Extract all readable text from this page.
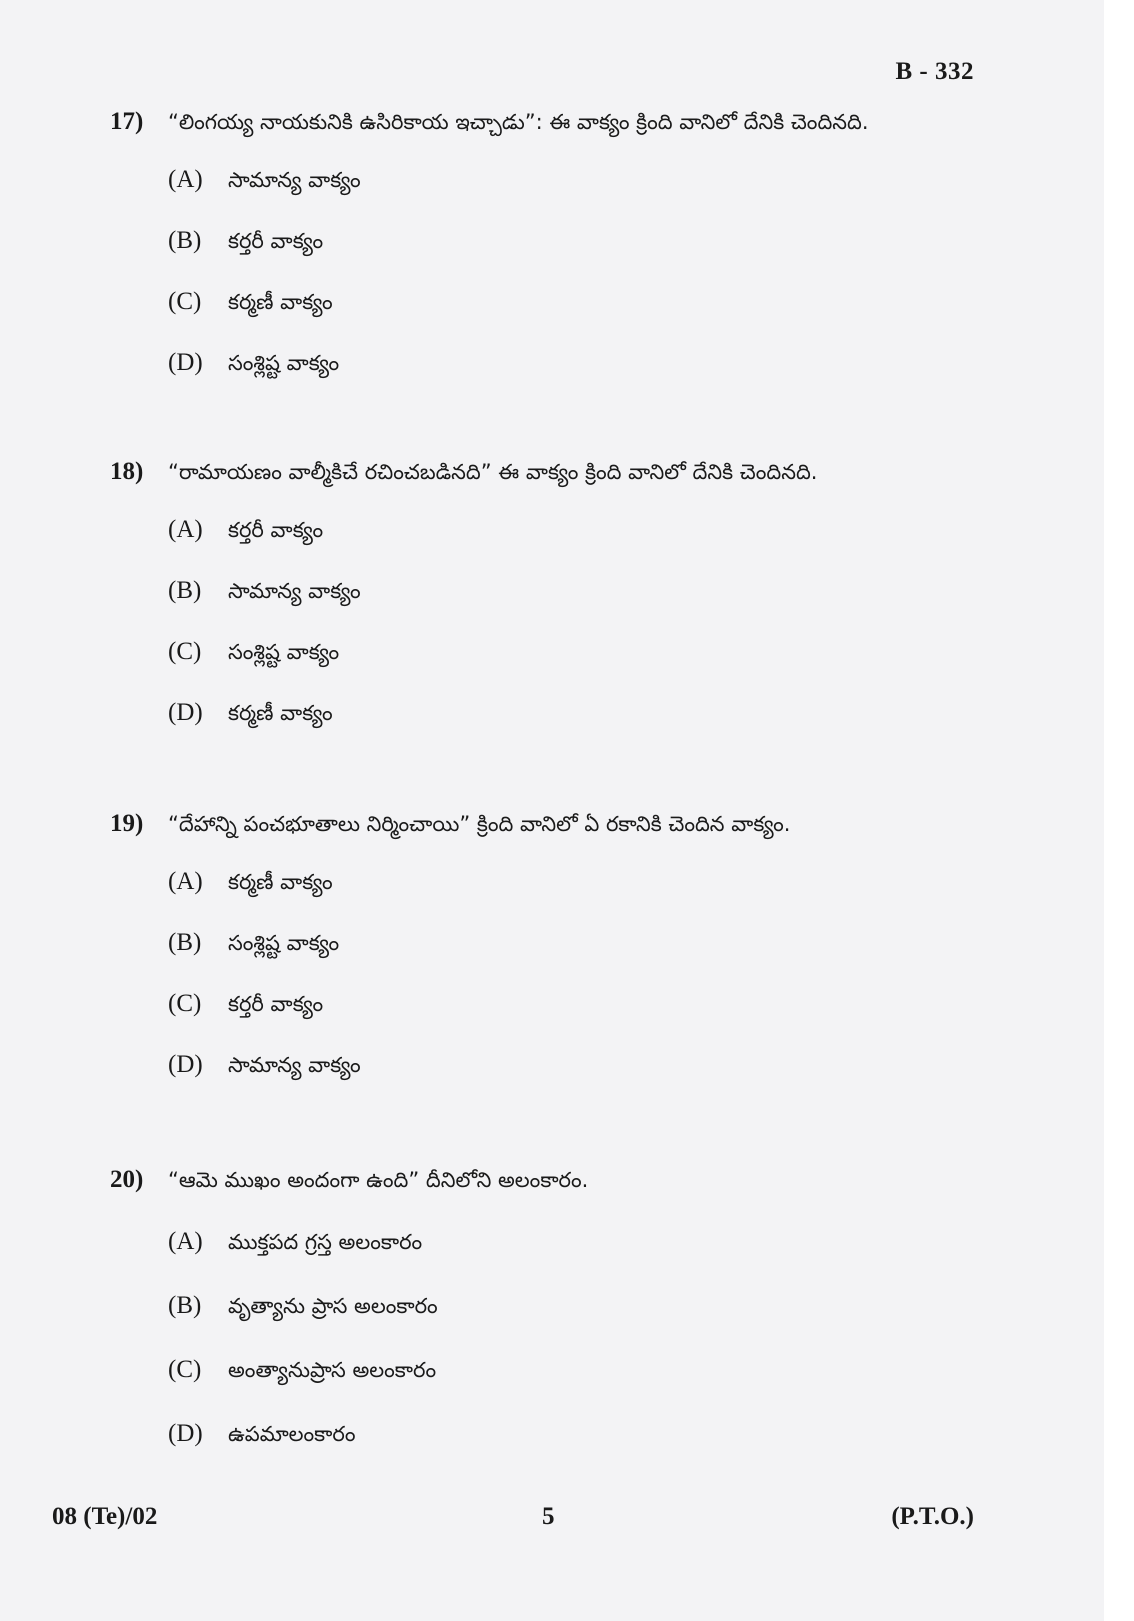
B - 332
17)	“లింగయ్య నాయకునికి ఉసిరికాయ ఇచ్చాడు”: ఈ వాక్యం క్రింది వానిలో దేనికి చెందినది.
(A)	సామాన్య వాక్యం
(B)	కర్తరీ వాక్యం
(C)	కర్మణీ వాక్యం
(D)	సంశ్లిష్ట వాక్యం
18)	“రామాయణం వాల్మీకిచే రచించబడినది” ఈ వాక్యం క్రింది వానిలో దేనికి చెందినది.
(A)	కర్తరీ వాక్యం
(B)	సామాన్య వాక్యం
(C)	సంశ్లిష్ట వాక్యం
(D)	కర్మణీ వాక్యం
19)	“దేహాన్ని పంచభూతాలు నిర్మించాయి” క్రింది వానిలో ఏ రకానికి చెందిన వాక్యం.
(A)	కర్మణీ వాక్యం
(B)	సంశ్లిష్ట వాక్యం
(C)	కర్తరీ వాక్యం
(D)	సామాన్య వాక్యం
20)	“ఆమె ముఖం అందంగా ఉంది” దీనిలోని అలంకారం.
(A)	ముక్తపద గ్రస్త అలంకారం
(B)	వృత్యాను ప్రాస అలంకారం
(C)	అంత్యానుప్రాస అలంకారం
(D)	ఉపమాలంకారం
08 (Te)/02	5	(P.T.O.)
